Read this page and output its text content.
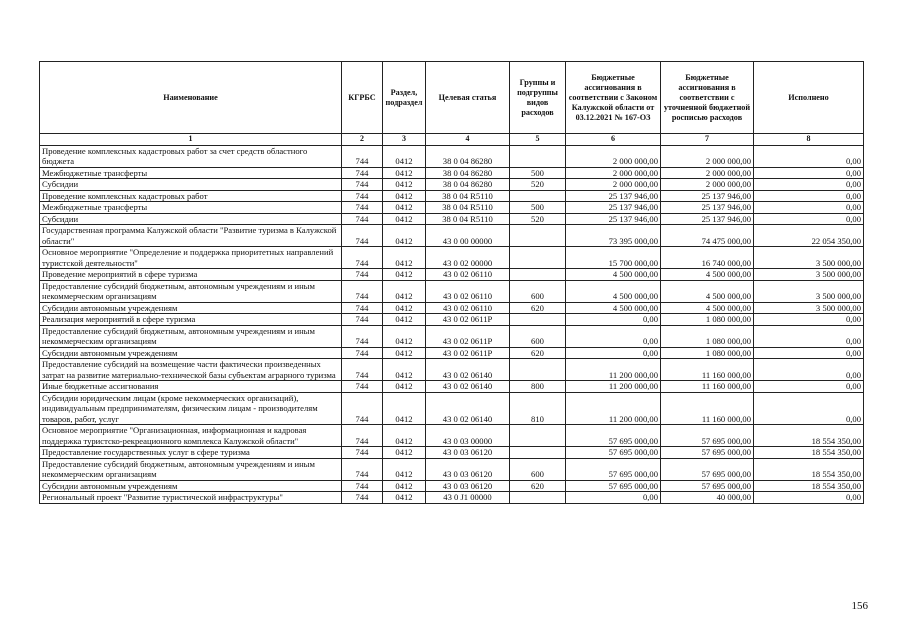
Наименование	КГРБС	Раздел, подраздел	Целевая статья	Группы и подгруппы видов расходов	Бюджетные ассигнования в соответствии с Законом Калужской области от 03.12.2021 № 167-ОЗ	Бюджетные ассигнования в соответствии с уточненной бюджетной росписью расходов	Исполнено
1	2	3	4	5	6	7	8
Проведение комплексных кадастровых работ за счет средств областного бюджета	744	0412	38 0 04 86280		2 000 000,00	2 000 000,00	0,00
Межбюджетные трансферты	744	0412	38 0 04 86280	500	2 000 000,00	2 000 000,00	0,00
Субсидии	744	0412	38 0 04 86280	520	2 000 000,00	2 000 000,00	0,00
Проведение комплексных кадастровых работ	744	0412	38 0 04 R5110		25 137 946,00	25 137 946,00	0,00
Межбюджетные трансферты	744	0412	38 0 04 R5110	500	25 137 946,00	25 137 946,00	0,00
Субсидии	744	0412	38 0 04 R5110	520	25 137 946,00	25 137 946,00	0,00
Государственная программа Калужской области "Развитие туризма в Калужской области"	744	0412	43 0 00 00000		73 395 000,00	74 475 000,00	22 054 350,00
Основное мероприятие "Определение и поддержка приоритетных направлений туристской деятельности"	744	0412	43 0 02 00000		15 700 000,00	16 740 000,00	3 500 000,00
Проведение мероприятий в сфере туризма	744	0412	43 0 02 06110		4 500 000,00	4 500 000,00	3 500 000,00
Предоставление субсидий бюджетным, автономным учреждениям и иным некоммерческим организациям	744	0412	43 0 02 06110	600	4 500 000,00	4 500 000,00	3 500 000,00
Субсидии автономным учреждениям	744	0412	43 0 02 06110	620	4 500 000,00	4 500 000,00	3 500 000,00
Реализация мероприятий в сфере туризма	744	0412	43 0 02 0611Р		0,00	1 080 000,00	0,00
Предоставление субсидий бюджетным, автономным учреждениям и иным некоммерческим организациям	744	0412	43 0 02 0611Р	600	0,00	1 080 000,00	0,00
Субсидии автономным учреждениям	744	0412	43 0 02 0611Р	620	0,00	1 080 000,00	0,00
Предоставление субсидий на возмещение части фактически произведенных затрат на развитие материально-технической базы субъектам аграрного туризма	744	0412	43 0 02 06140		11 200 000,00	11 160 000,00	0,00
Иные бюджетные ассигнования	744	0412	43 0 02 06140	800	11 200 000,00	11 160 000,00	0,00
Субсидии юридическим лицам (кроме некоммерческих организаций), индивидуальным предпринимателям, физическим лицам - производителям товаров, работ, услуг	744	0412	43 0 02 06140	810	11 200 000,00	11 160 000,00	0,00
Основное мероприятие "Организационная, информационная и кадровая поддержка туристско-рекреационного комплекса Калужской области"	744	0412	43 0 03 00000		57 695 000,00	57 695 000,00	18 554 350,00
Предоставление государственных услуг в сфере туризма	744	0412	43 0 03 06120		57 695 000,00	57 695 000,00	18 554 350,00
Предоставление субсидий бюджетным, автономным учреждениям и иным некоммерческим организациям	744	0412	43 0 03 06120	600	57 695 000,00	57 695 000,00	18 554 350,00
Субсидии автономным учреждениям	744	0412	43 0 03 06120	620	57 695 000,00	57 695 000,00	18 554 350,00
Региональный проект "Развитие туристической инфраструктуры"	744	0412	43 0 J1 00000		0,00	40 000,00	0,00
156
